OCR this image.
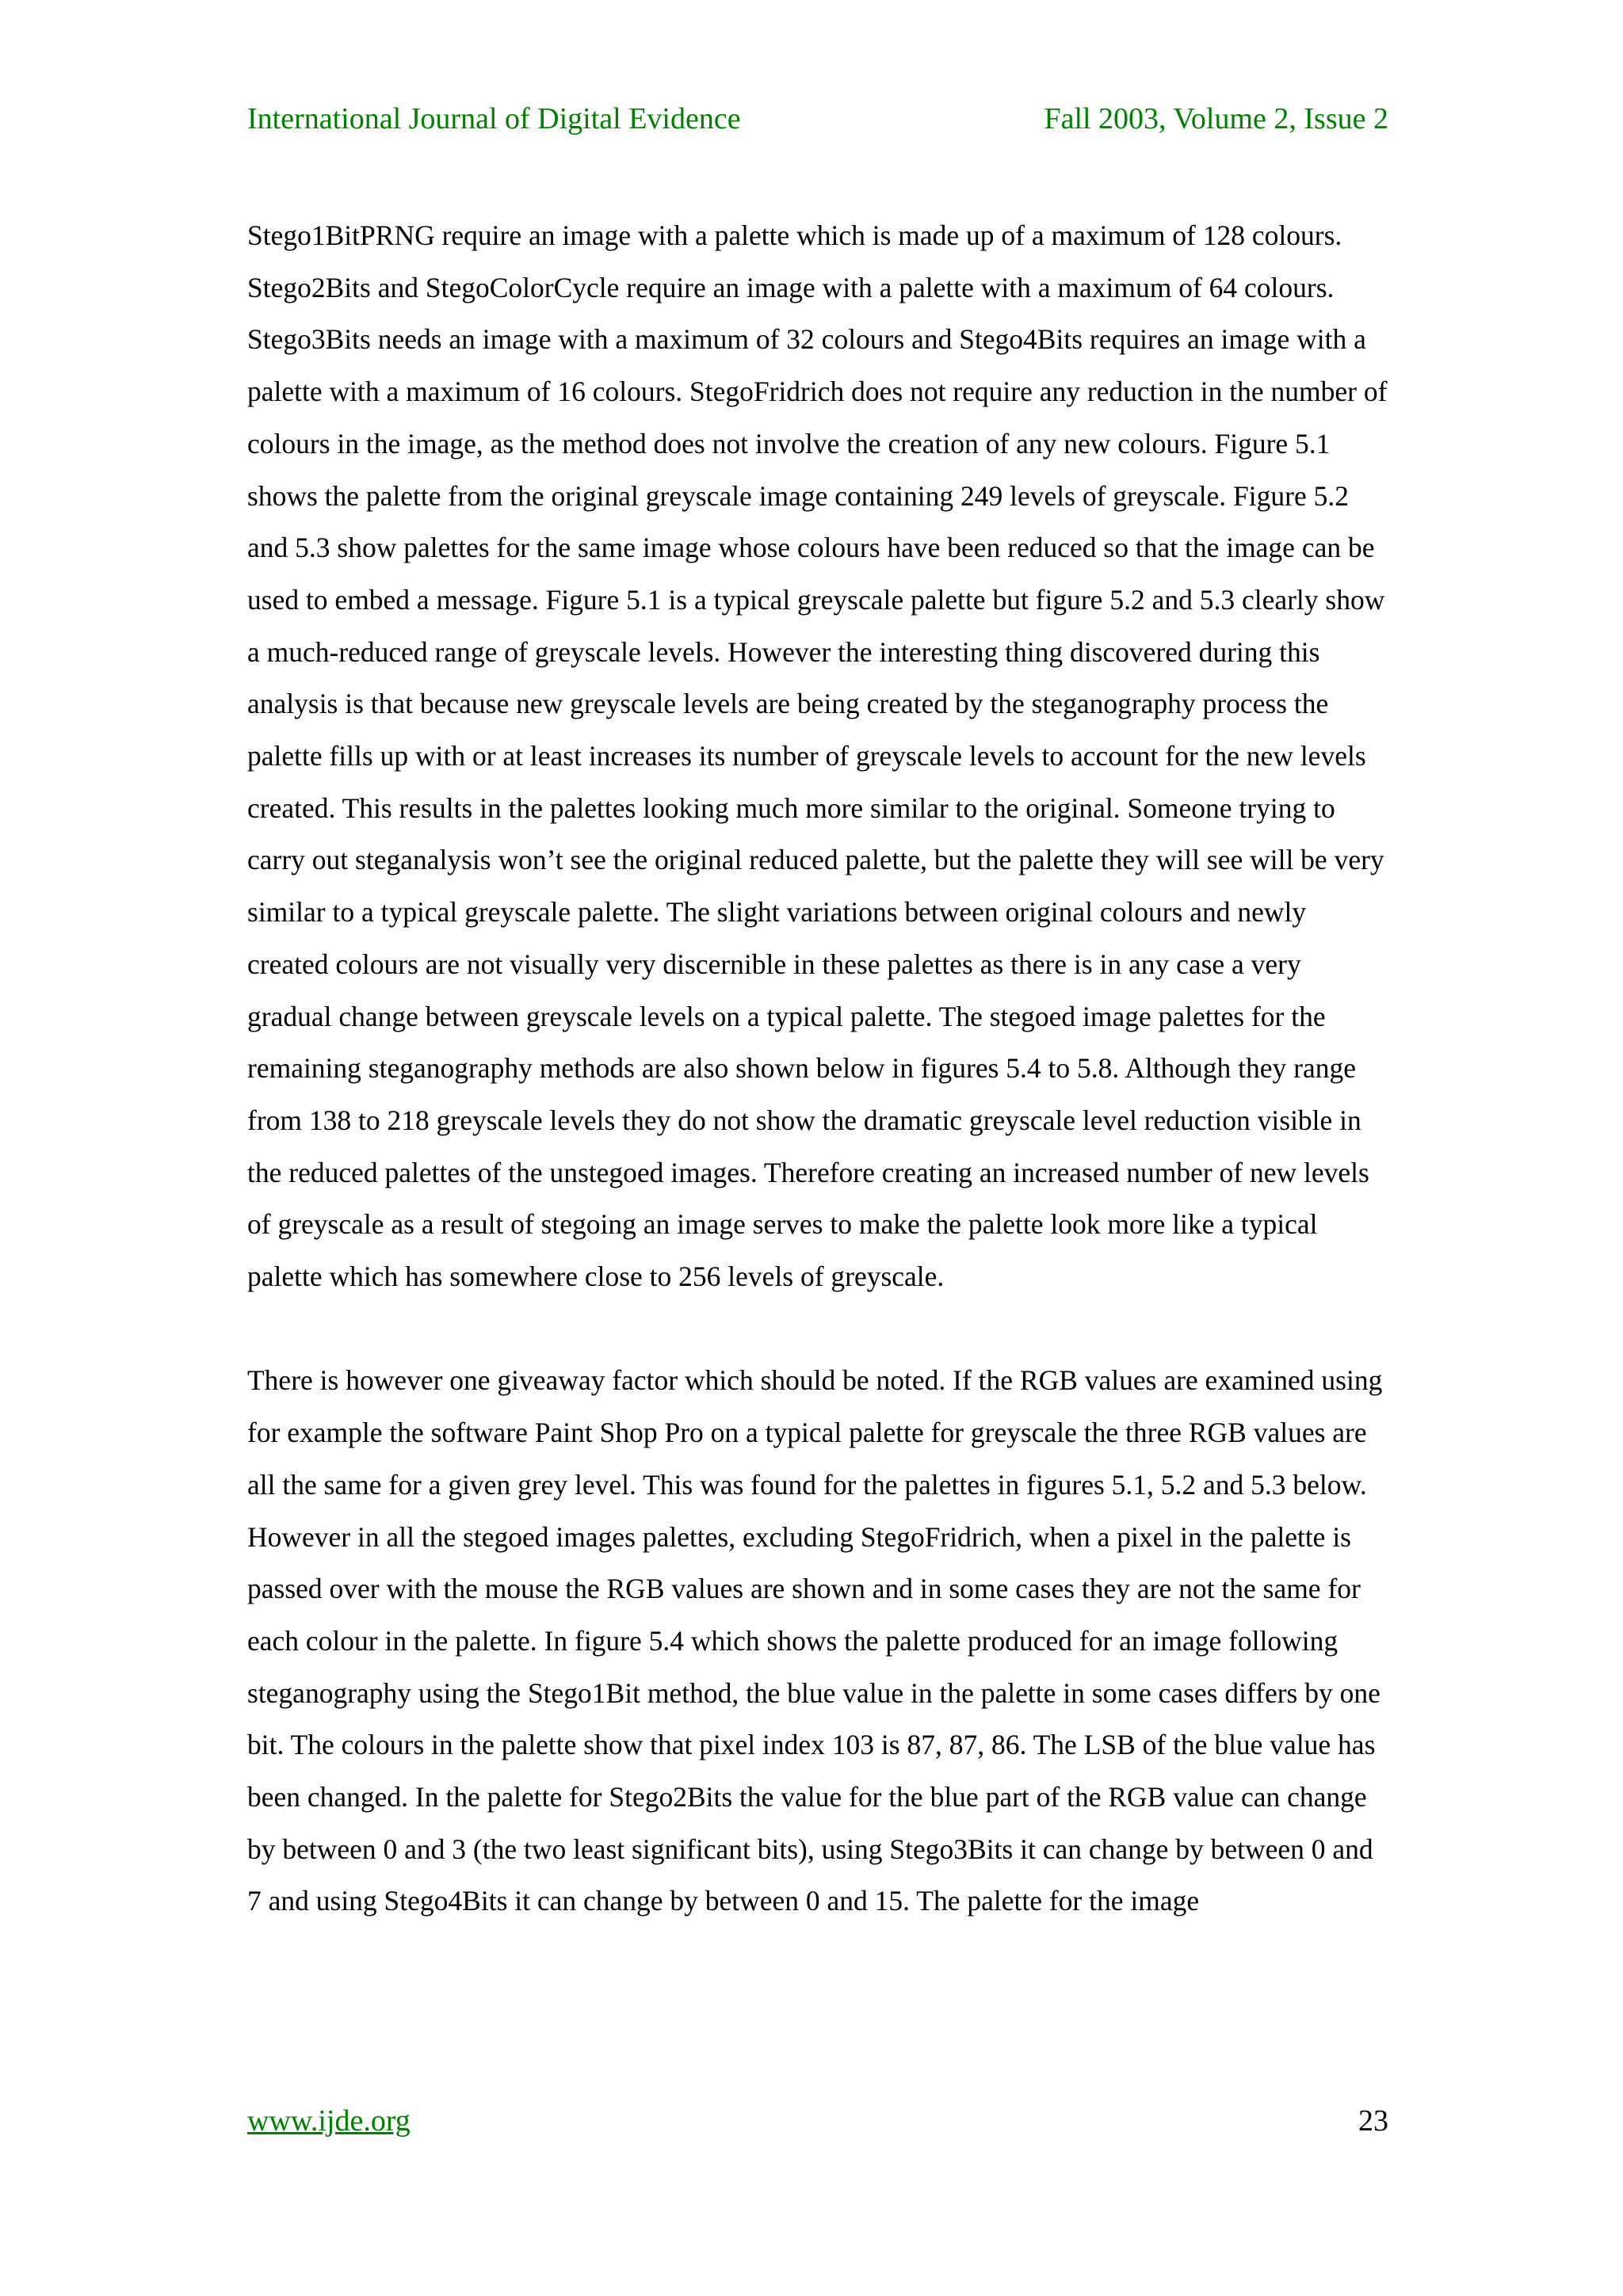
International Journal of Digital Evidence	Fall 2003, Volume 2, Issue 2

Stego1BitPRNG require an image with a palette which is made up of a maximum of 128 colours. Stego2Bits and StegoColorCycle require an image with a palette with a maximum of 64 colours. Stego3Bits needs an image with a maximum of 32 colours and Stego4Bits requires an image with a palette with a maximum of 16 colours. StegoFridrich does not require any reduction in the number of colours in the image, as the method does not involve the creation of any new colours. Figure 5.1 shows the palette from the original greyscale image containing 249 levels of greyscale. Figure 5.2 and 5.3 show palettes for the same image whose colours have been reduced so that the image can be used to embed a message. Figure 5.1 is a typical greyscale palette but figure 5.2 and 5.3 clearly show a much-reduced range of greyscale levels. However the interesting thing discovered during this analysis is that because new greyscale levels are being created by the steganography process the palette fills up with or at least increases its number of greyscale levels to account for the new levels created. This results in the palettes looking much more similar to the original. Someone trying to carry out steganalysis won’t see the original reduced palette, but the palette they will see will be very similar to a typical greyscale palette. The slight variations between original colours and newly created colours are not visually very discernible in these palettes as there is in any case a very gradual change between greyscale levels on a typical palette. The stegoed image palettes for the remaining steganography methods are also shown below in figures 5.4 to 5.8. Although they range from 138 to 218 greyscale levels they do not show the dramatic greyscale level reduction visible in the reduced palettes of the unstegoed images. Therefore creating an increased number of new levels of greyscale as a result of stegoing an image serves to make the palette look more like a typical palette which has somewhere close to 256 levels of greyscale.

There is however one giveaway factor which should be noted. If the RGB values are examined using for example the software Paint Shop Pro on a typical palette for greyscale the three RGB values are all the same for a given grey level. This was found for the palettes in figures 5.1, 5.2 and 5.3 below. However in all the stegoed images palettes, excluding StegoFridrich, when a pixel in the palette is passed over with the mouse the RGB values are shown and in some cases they are not the same for each colour in the palette. In figure 5.4 which shows the palette produced for an image following steganography using the Stego1Bit method, the blue value in the palette in some cases differs by one bit. The colours in the palette show that pixel index 103 is 87, 87, 86. The LSB of the blue value has been changed. In the palette for Stego2Bits the value for the blue part of the RGB value can change by between 0 and 3 (the two least significant bits), using Stego3Bits it can change by between 0 and 7 and using Stego4Bits it can change by between 0 and 15. The palette for the image

www.ijde.org	23
